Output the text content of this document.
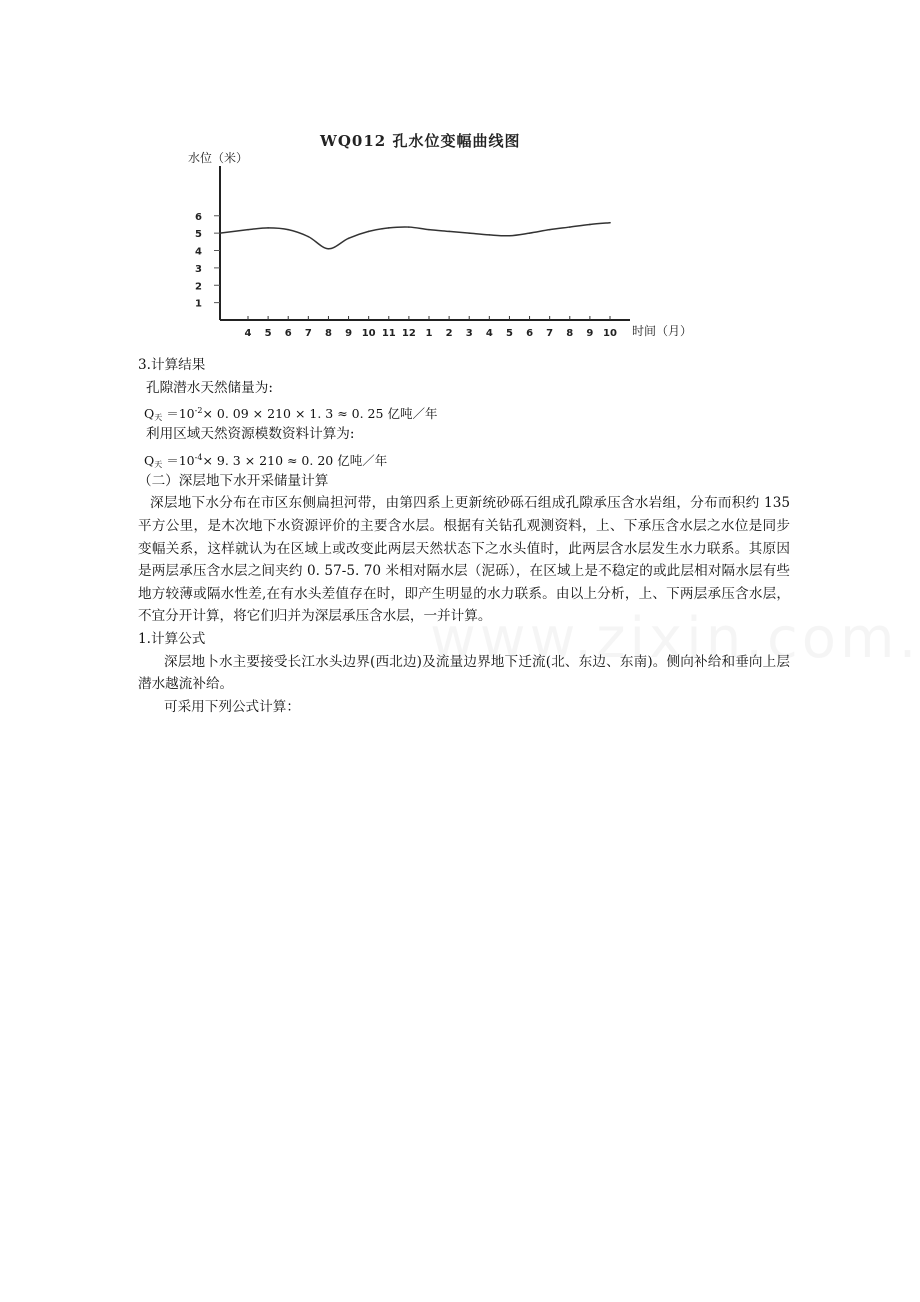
WQ012 孔水位变幅曲线图
水位（米）
时间（月）
1
2
3
4
5
6
4 5 6 7 8 9 10 11 12 1 2 3 4 5 6 7 8 9 10

3.计算结果

孔隙潜水天然储量为:

$Q_天 =10^{-2}\times 0$. 09 × 210 × 1. 3 ≈ 0. 25 亿吨／年

利用区域天然资源模数资料计算为:

$Q_天 =10^{-4}\times 9$. 3 × 210 ≈ 0. 20 亿吨／年

（二）深层地下水开采储量计算

深层地下水分布在市区东侧扁担河带，由第四系上更新统砂砾石组成孔隙承压含水岩组，分布而积约 135 平方公里，是木次地下水资源评价的主要含水层。根据有关钻孔观测资料，上、下承压含水层之水位是同步变幅关系，这样就认为在区域上或改变此两层天然状态下之水头值时，此两层含水层发生水力联系。其原因是两层承压含水层之间夹约 0. 57-5. 70 米相对隔水层（泥砾），在区域上是不稳定的或此层相对隔水层有些地方较薄或隔水性差,在有水头差值存在时，即产生明显的水力联系。由以上分析，上、下两层承压含水层，不宜分开计算，将它们归并为深层承压含水层，一并计算。

1.计算公式

深层地卜水主要接受长江水头边界(西北边)及流量边界地下迁流(北、东边、东南)。侧向补给和垂向上层潜水越流补给。

可采用下列公式计算：
